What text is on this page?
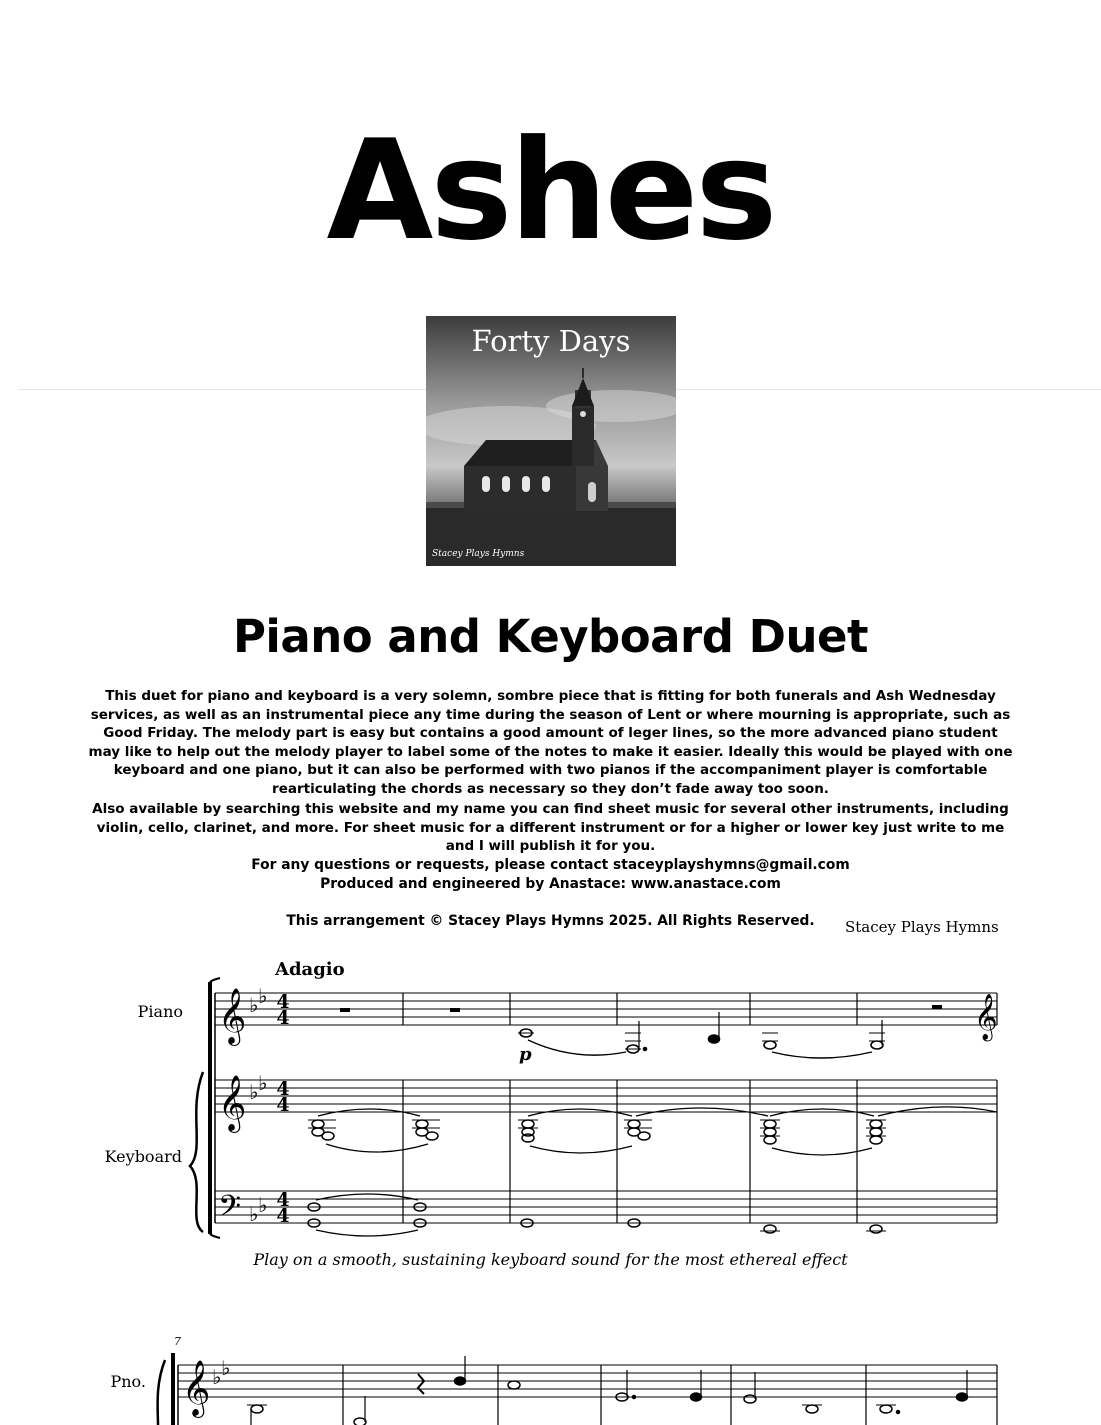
Ashes
Forty Days
Stacey Plays Hymns
Piano and Keyboard Duet
This duet for piano and keyboard is a very solemn, sombre piece that is fitting for both funerals and Ash Wednesday services, as well as an instrumental piece any time during the season of Lent or where mourning is appropriate, such as Good Friday. The melody part is easy but contains a good amount of leger lines, so the more advanced piano student may like to help out the melody player to label some of the notes to make it easier. Ideally this would be played with one keyboard and one piano, but it can also be performed with two pianos if the accompaniment player is comfortable rearticulating the chords as necessary so they don’t fade away too soon.
Also available by searching this website and my name you can find sheet music for several other instruments, including violin, cello, clarinet, and more. For sheet music for a different instrument or for a higher or lower key just write to me and I will publish it for you.
For any questions or requests, please contact staceyplayshymns@gmail.com
Produced and engineered by Anastace: www.anastace.com
This arrangement © Stacey Plays Hymns 2025. All Rights Reserved.	Stacey Plays Hymns
𝄞
𝄞
𝄢
𝄞
𝄞
♭ ♭
♭ ♭
♭ ♭
♭ ♭
4
4
4
4
4
4
Adagio
Piano
Keyboard
p
7
Pno.
Play on a smooth, sustaining keyboard sound for the most ethereal effect
